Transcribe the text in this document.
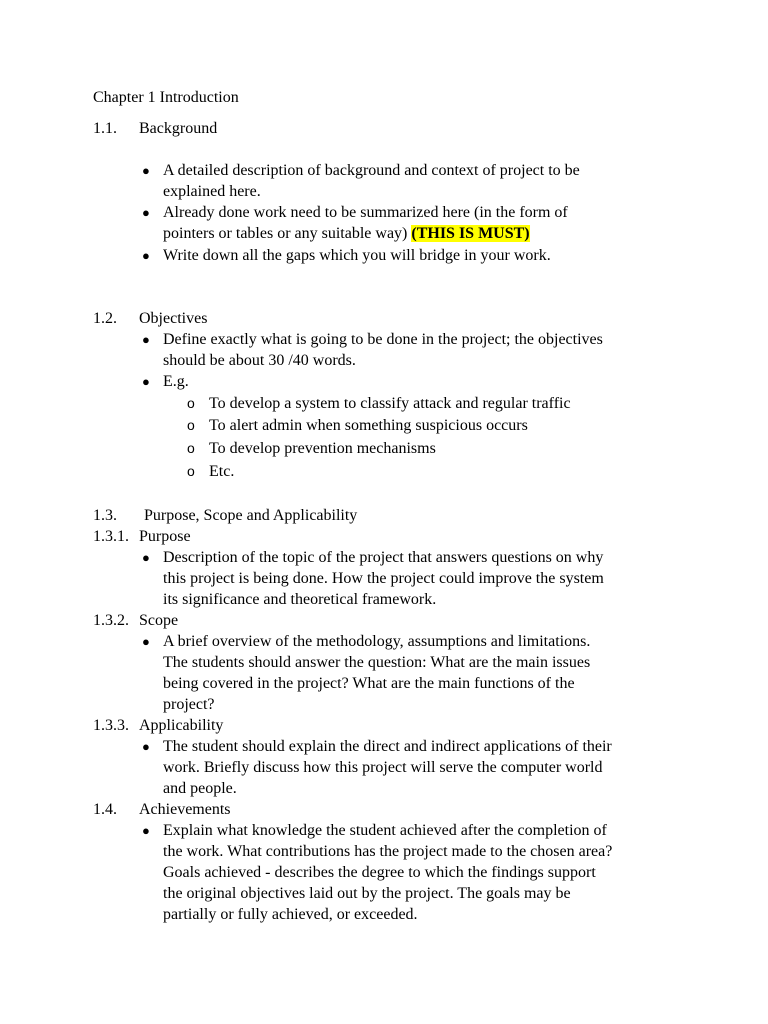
Chapter 1 Introduction
1.1. Background
● A detailed description of background and context of project to be
explained here.
● Already done work need to be summarized here (in the form of
pointers or tables or any suitable way) (THIS IS MUST)
● Write down all the gaps which you will bridge in your work.
1.2. Objectives
● Define exactly what is going to be done in the project; the objectives
should be about 30 /40 words.
● E.g.
o To develop a system to classify attack and regular traffic
o To alert admin when something suspicious occurs
o To develop prevention mechanisms
o Etc.
1.3. Purpose, Scope and Applicability
1.3.1. Purpose
● Description of the topic of the project that answers questions on why
this project is being done. How the project could improve the system
its significance and theoretical framework.
1.3.2. Scope
● A brief overview of the methodology, assumptions and limitations.
The students should answer the question: What are the main issues
being covered in the project? What are the main functions of the
project?
1.3.3. Applicability
● The student should explain the direct and indirect applications of their
work. Briefly discuss how this project will serve the computer world
and people.
1.4. Achievements
● Explain what knowledge the student achieved after the completion of
the work. What contributions has the project made to the chosen area?
Goals achieved - describes the degree to which the findings support
the original objectives laid out by the project. The goals may be
partially or fully achieved, or exceeded.
